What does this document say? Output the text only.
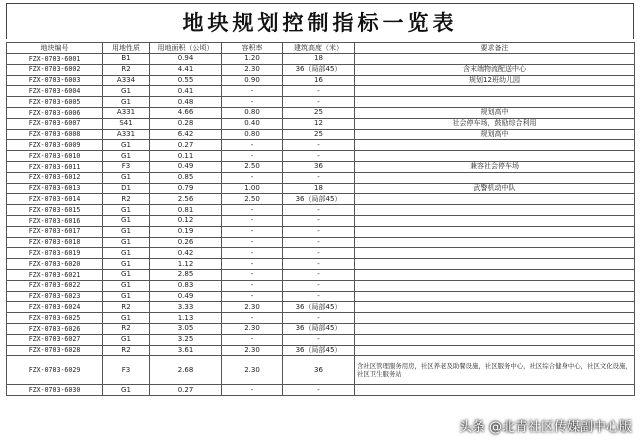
地块规划控制指标一览表
地块编号	用地性质	用地面积（公顷）	容积率	建筑高度（米）	要求备注
FZX-0703-6001	B1	0.94	1.20	18	
FZX-0703-6002	R2	4.41	2.30	36（局部45）	含末端物流配送中心
FZX-0703-6003	A334	0.55	0.90	16	规划12班幼儿园
FZX-0703-6004	G1	0.41	-	-	
FZX-0703-6005	G1	0.48	-	-	
FZX-0703-6006	A331	4.66	0.80	25	规划高中
FZX-0703-6007	S41	0.28	0.40	12	社会停车场，鼓励综合利用
FZX-0703-6008	A331	6.42	0.80	25	规划高中
FZX-0703-6009	G1	0.27	-	-	
FZX-0703-6010	G1	0.11	-	-	
FZX-0703-6011	F3	0.49	2.50	36	兼容社会停车场
FZX-0703-6012	G1	0.85	-	-	
FZX-0703-6013	D1	0.79	1.00	18	武警机动中队
FZX-0703-6014	R2	2.56	2.50	36（局部45）	
FZX-0703-6015	G1	0.81	-	-	
FZX-0703-6016	G1	0.12	-	-	
FZX-0703-6017	G1	0.19	-	-	
FZX-0703-6018	G1	0.26	-	-	
FZX-0703-6019	G1	0.42	-	-	
FZX-0703-6020	G1	1.12	-	-	
FZX-0703-6021	G1	2.85	-	-	
FZX-0703-6022	G1	0.83	-	-	
FZX-0703-6023	G1	0.49	-	-	
FZX-0703-6024	R2	3.33	2.30	36（局部45）	
FZX-0703-6025	G1	1.13	-	-	
FZX-0703-6026	R2	3.05	2.30	36（局部45）	
FZX-0703-6027	G1	3.25	-	-	
FZX-0703-6028	R2	3.61	2.30	36（局部45）	
FZX-0703-6029	F3	2.68	2.30	36	含社区管理服务用房，社区养老及助餐设施，社区服务中心，社区综合健身中心，社区文化设施，社区卫生服务站
FZX-0703-6030	G1	0.27	-	-	
头条 @北青社区传媒副中心版
